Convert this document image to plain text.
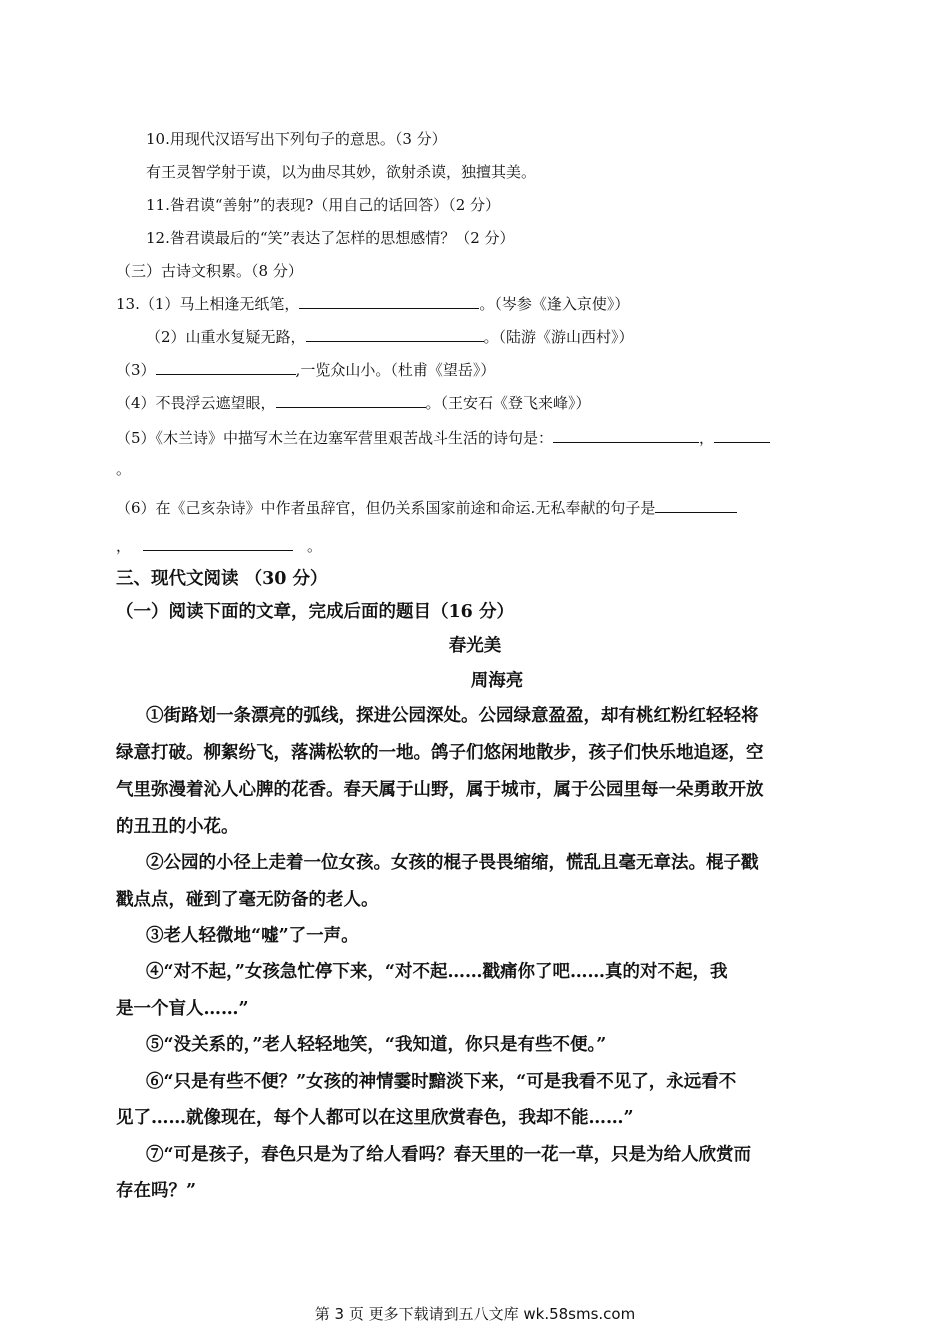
10.用现代汉语写出下列句子的意思。（3 分）
有王灵智学射于谟，以为曲尽其妙，欲射杀谟，独擅其美。
11.昝君谟“善射”的表现?（用自己的话回答）（2 分）
12.昝君谟最后的“笑”表达了怎样的思想感情？（2 分）
（三）古诗文积累。（8 分）
13.（1）马上相逢无纸笔，	。（岑参《逢入京使》）
（2）山重水复疑无路，	。（陆游《游山西村》）
（3）	,一览众山小。（杜甫《望岳》）
（4）不畏浮云遮望眼，	。（王安石《登飞来峰》）
（5）《木兰诗》中描写木兰在边塞军营里艰苦战斗生活的诗句是：	，
。
（6）在《己亥杂诗》中作者虽辞官，但仍关系国家前途和命运.无私奉献的句子是
，	。
三、现代文阅读 （30 分）
（一）阅读下面的文章，完成后面的题目（16 分）
春光美
周海亮
①街路划一条漂亮的弧线，探进公园深处。公园绿意盈盈，却有桃红粉红轻轻将
绿意打破。柳絮纷飞，落满松软的一地。鸽子们悠闲地散步，孩子们快乐地追逐，空
气里弥漫着沁人心脾的花香。春天属于山野，属于城市，属于公园里每一朵勇敢开放
的丑丑的小花。
②公园的小径上走着一位女孩。女孩的棍子畏畏缩缩，慌乱且毫无章法。棍子戳
戳点点，碰到了毫无防备的老人。
③老人轻微地“嘘”了一声。
④“对不起，”女孩急忙停下来，“对不起……戳痛你了吧……真的对不起，我
是一个盲人……”
⑤“没关系的，”老人轻轻地笑，“我知道，你只是有些不便。”
⑥“只是有些不便？”女孩的神情霎时黯淡下来，“可是我看不见了，永远看不
见了……就像现在，每个人都可以在这里欣赏春色，我却不能……”
⑦“可是孩子，春色只是为了给人看吗？春天里的一花一草，只是为给人欣赏而
存在吗？”
第 3 页 更多下载请到五八文库 wk.58sms.com
